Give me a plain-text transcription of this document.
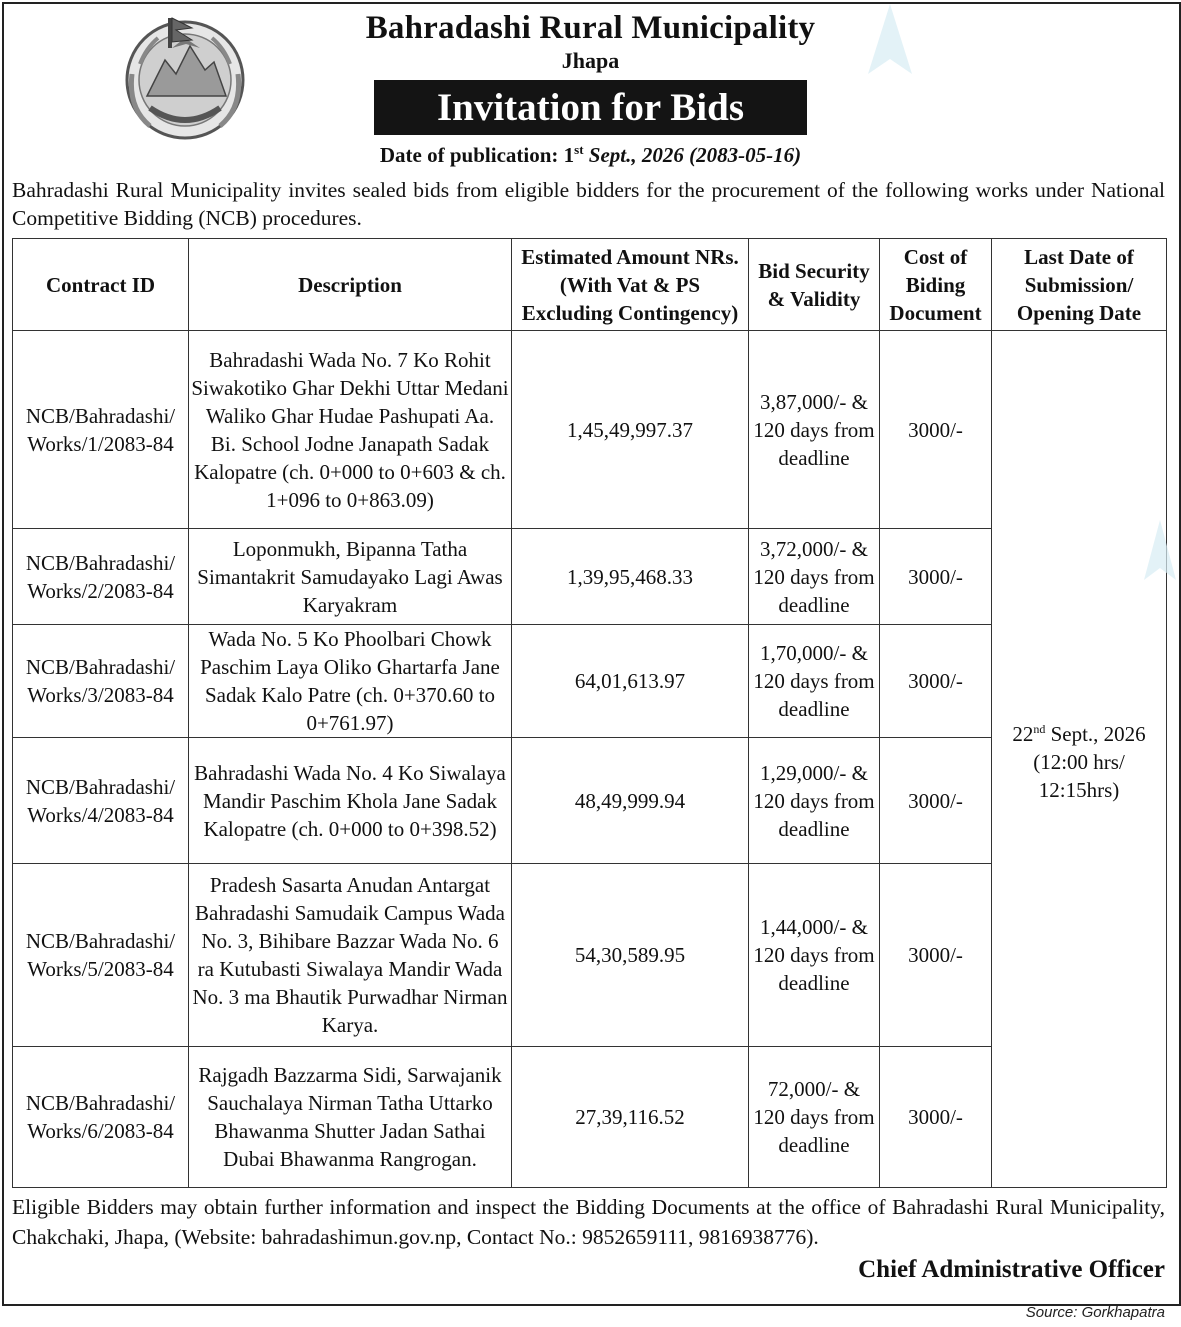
Bahradashi Rural Municipality
Jhapa
Invitation for Bids
Date of publication: 1st Sept., 2026 (2083-05-16)
Bahradashi Rural Municipality invites sealed bids from eligible bidders for the procurement of the following works under National Competitive Bidding (NCB) procedures.
Contract ID	Description	Estimated Amount NRs. (With Vat & PS Excluding Contingency)	Bid Security & Validity	Cost of Biding Document	Last Date of Submission/ Opening Date
NCB/Bahradashi/ Works/1/2083-84	Bahradashi Wada No. 7 Ko Rohit Siwakotiko Ghar Dekhi Uttar Medani Waliko Ghar Hudae Pashupati Aa. Bi. School Jodne Janapath Sadak Kalopatre (ch. 0+000 to 0+603 & ch. 1+096 to 0+863.09)	1,45,49,997.37	3,87,000/- & 120 days from deadline	3000/-	22nd Sept., 2026
(12:00 hrs/ 12:15hrs)
NCB/Bahradashi/ Works/2/2083-84	Loponmukh, Bipanna Tatha Simantakrit Samudayako Lagi Awas Karyakram	1,39,95,468.33	3,72,000/- & 120 days from deadline	3000/-	
NCB/Bahradashi/ Works/3/2083-84	Wada No. 5 Ko Phoolbari Chowk Paschim Laya Oliko Ghartarfa Jane Sadak Kalo Patre (ch. 0+370.60 to 0+761.97)	64,01,613.97	1,70,000/- & 120 days from deadline	3000/-	
NCB/Bahradashi/ Works/4/2083-84	Bahradashi Wada No. 4 Ko Siwalaya Mandir Paschim Khola Jane Sadak Kalopatre (ch. 0+000 to 0+398.52)	48,49,999.94	1,29,000/- & 120 days from deadline	3000/-	
NCB/Bahradashi/ Works/5/2083-84	Pradesh Sasarta Anudan Antargat Bahradashi Samudaik Campus Wada No. 3, Bihibare Bazzar Wada No. 6 ra Kutubasti Siwalaya Mandir Wada No. 3 ma Bhautik Purwadhar Nirman Karya.	54,30,589.95	1,44,000/- & 120 days from deadline	3000/-	
NCB/Bahradashi/ Works/6/2083-84	Rajgadh Bazzarma Sidi, Sarwajanik Sauchalaya Nirman Tatha Uttarko Bhawanma Shutter Jadan Sathai Dubai Bhawanma Rangrogan.	27,39,116.52	72,000/- & 120 days from deadline	3000/-	
Eligible Bidders may obtain further information and inspect the Bidding Documents at the office of Bahradashi Rural Municipality, Chakchaki, Jhapa, (Website: bahradashimun.gov.np, Contact No.: 9852659111, 9816938776).
Chief Administrative Officer
Source: Gorkhapatra
